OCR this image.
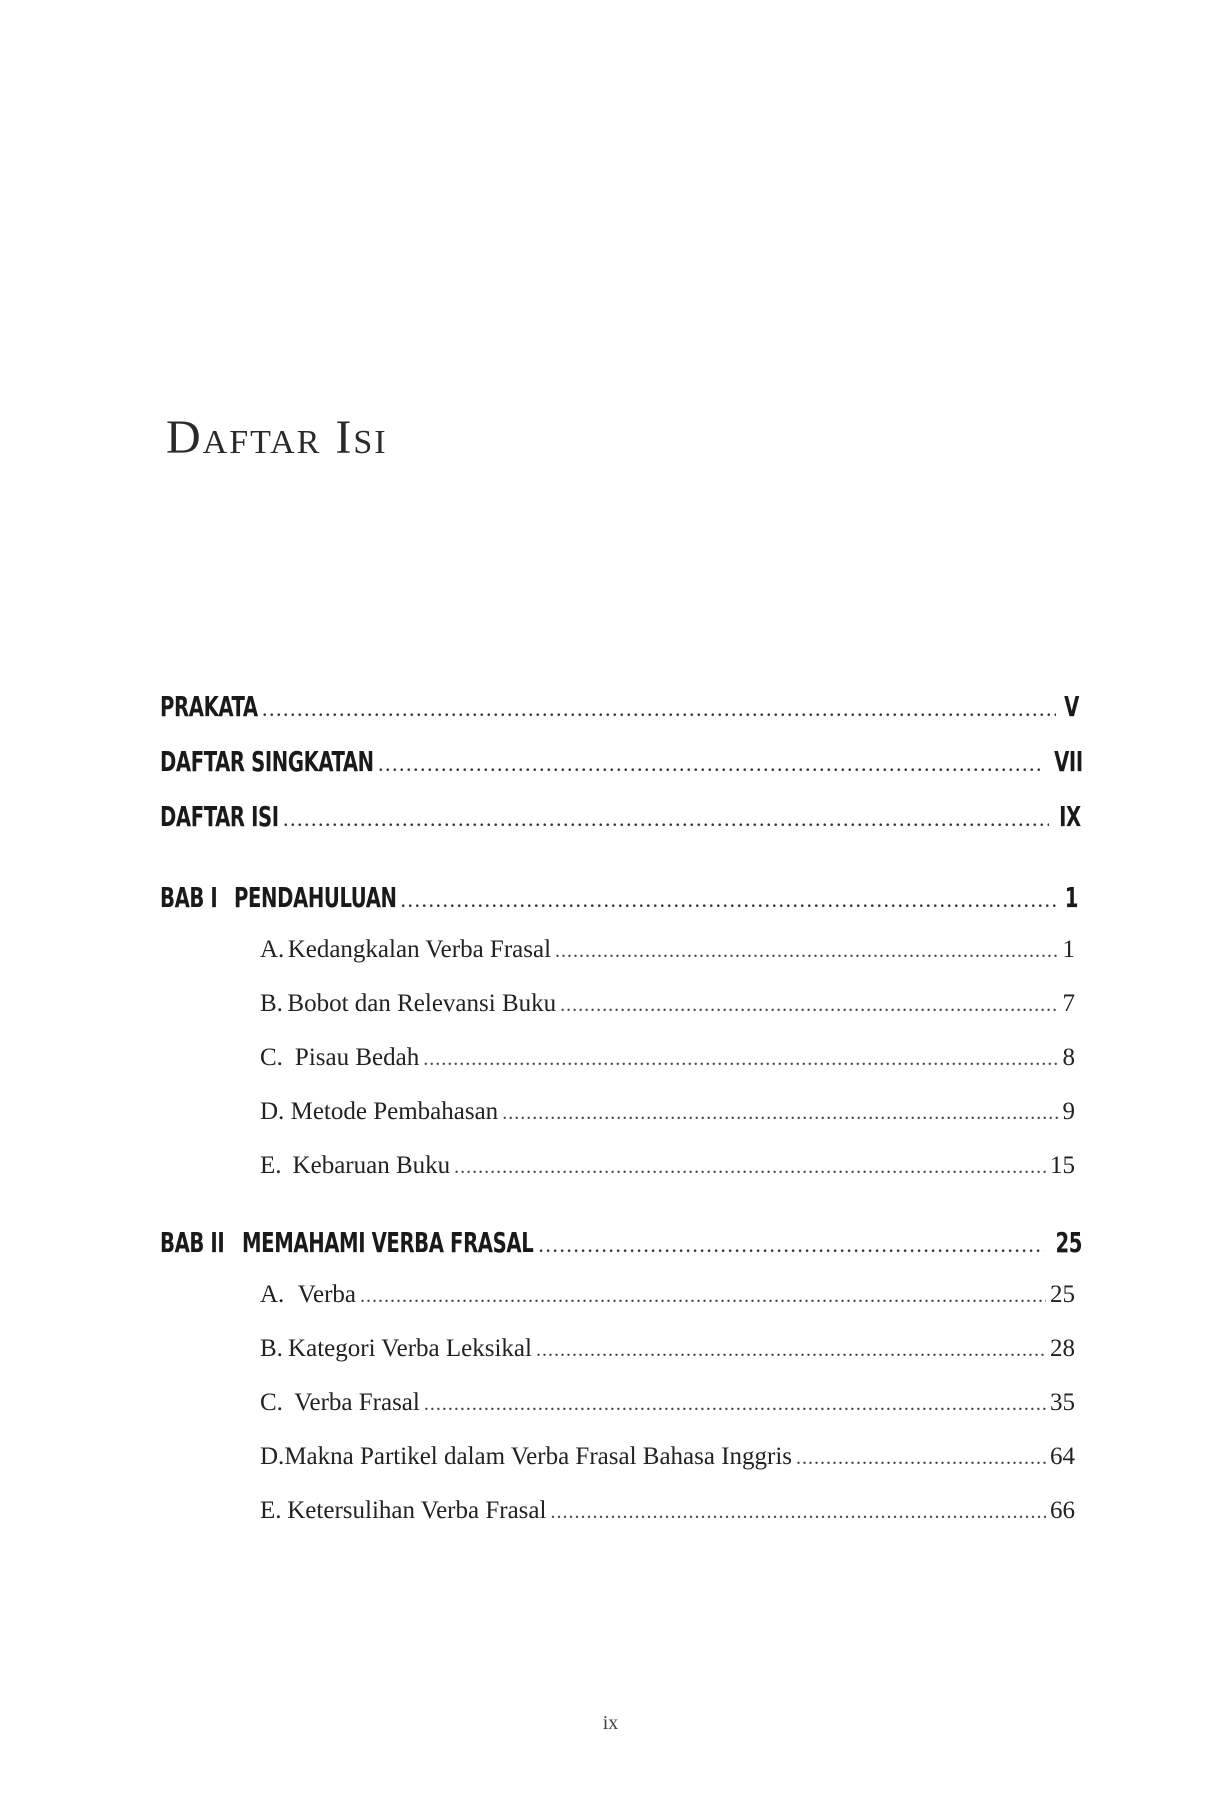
Daftar Isi
PRAKATA . . .	V
DAFTAR SINGKATAN . . .	VII
DAFTAR ISI . . .	IX
BAB I PENDAHULUAN . . .	1
A. Kedangkalan Verba Frasal . . .	1
B. Bobot dan Relevansi Buku . . .	7
C. Pisau Bedah . . .	8
D. Metode Pembahasan . . .	9
E. Kebaruan Buku . . .	15
BAB II MEMAHAMI VERBA FRASAL . . .	25
A. Verba . . .	25
B. Kategori Verba Leksikal . . .	28
C. Verba Frasal . . .	35
D. Makna Partikel dalam Verba Frasal Bahasa Inggris . . .	64
E. Ketersulihan Verba Frasal . . .	66
ix
